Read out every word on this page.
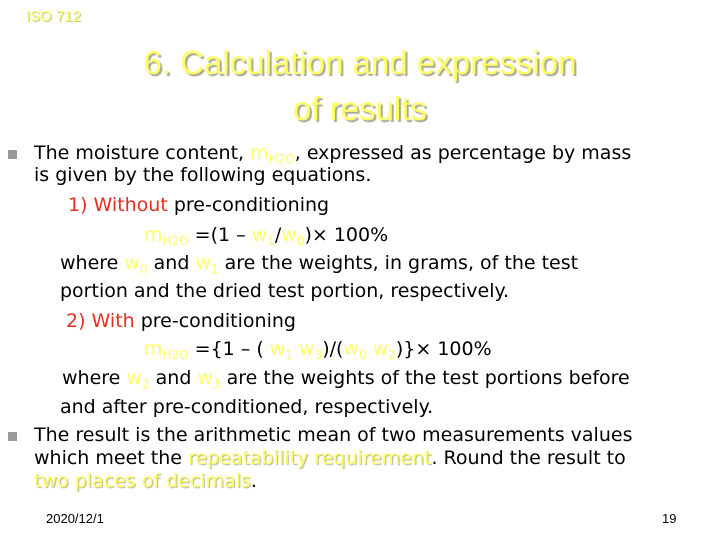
ISO 712
6. Calculation and expression
of results
The moisture content, $m_{H2O}$, expressed as percentage by mass
is given by the following equations.
1) Without pre-conditioning
$m_{H2O} =(1 - w_1/w_0)\times 100\%$
where $w_0$ and $w_1$ are the weights, in grams, of the test
portion and the dried test portion, respectively.
2) With pre-conditioning
$m_{H2O} =\{1$ – ( $w_1$ $w_3)/(w_0$ $w_2)\}\times 100\%$
where $w_2$ and $w_3$ are the weights of the test portions before
and after pre-conditioned, respectively.
The result is the arithmetic mean of two measurements values
which meet the repeatability requirement. Round the result to
two places of decimals.
2020/12/1	19
